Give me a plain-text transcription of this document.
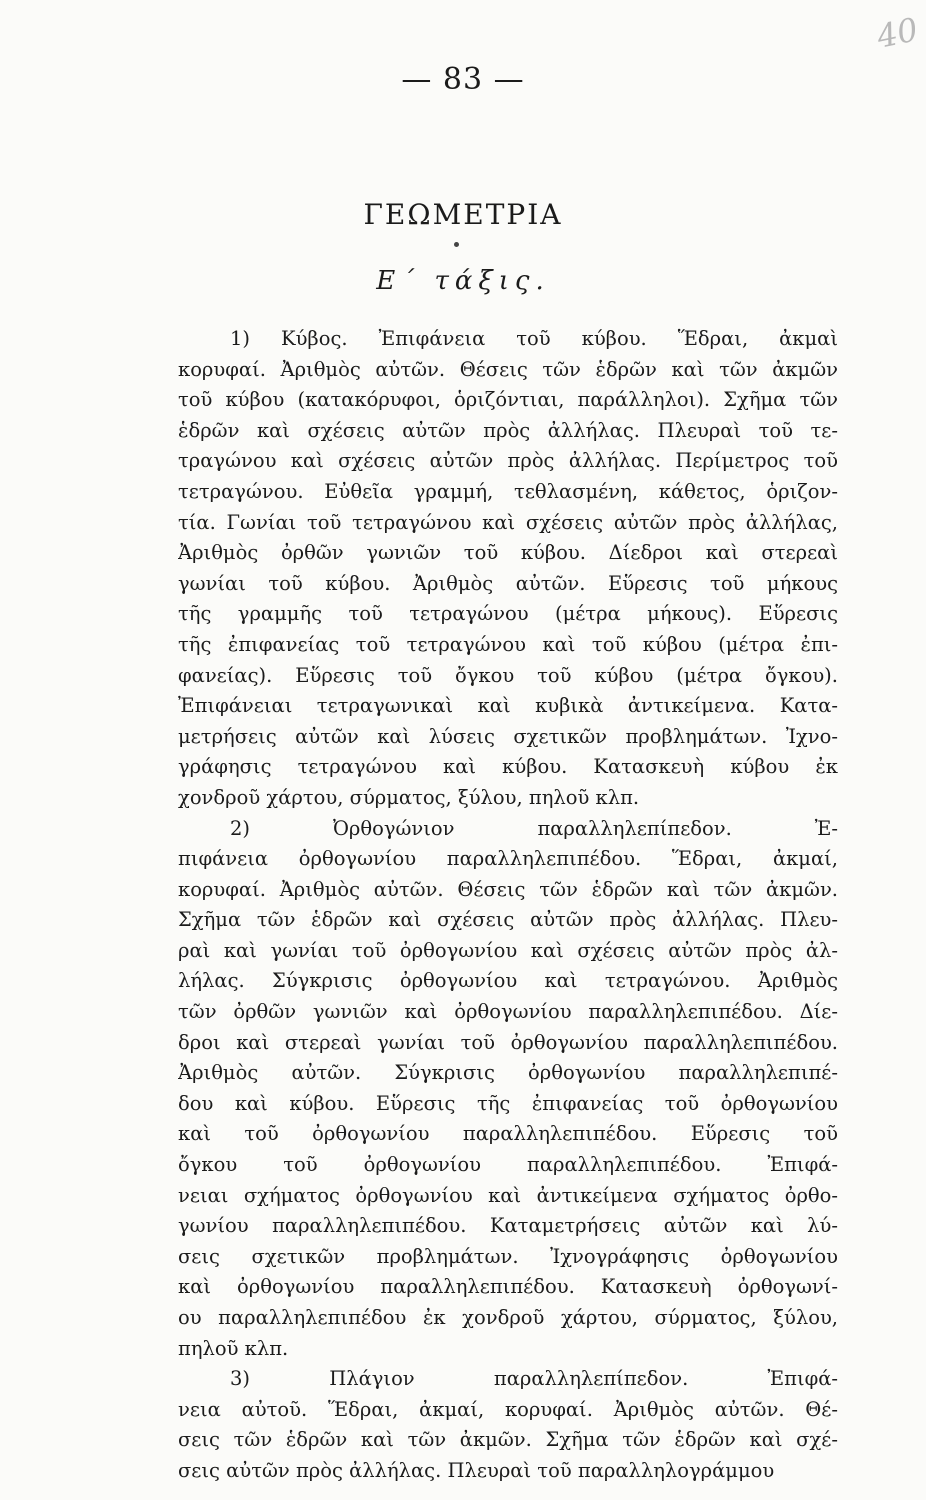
40
— 83 —
ΓΕΩΜΕΤΡΙΑ
Ε΄ τάξις.
1) Κύβος. Ἐπιφάνεια τοῦ κύβου. Ἕδραι, ἀκμαὶ
κορυφαί. Ἀριθμὸς αὐτῶν. Θέσεις τῶν ἑδρῶν καὶ τῶν ἀκμῶν
τοῦ κύβου (κατακόρυφοι, ὁριζόντιαι, παράλληλοι). Σχῆμα τῶν
ἑδρῶν καὶ σχέσεις αὐτῶν πρὸς ἀλλήλας. Πλευραὶ τοῦ τε-
τραγώνου καὶ σχέσεις αὐτῶν πρὸς ἀλλήλας. Περίμετρος τοῦ
τετραγώνου. Εὐθεῖα γραμμή, τεθλασμένη, κάθετος, ὁριζον-
τία. Γωνίαι τοῦ τετραγώνου καὶ σχέσεις αὐτῶν πρὸς ἀλλήλας,
Ἀριθμὸς ὀρθῶν γωνιῶν τοῦ κύβου. Δίεδροι καὶ στερεαὶ
γωνίαι τοῦ κύβου. Ἀριθμὸς αὐτῶν. Εὕρεσις τοῦ μήκους
τῆς γραμμῆς τοῦ τετραγώνου (μέτρα μήκους). Εὕρεσις
τῆς ἐπιφανείας τοῦ τετραγώνου καὶ τοῦ κύβου (μέτρα ἐπι-
φανείας). Εὕρεσις τοῦ ὄγκου τοῦ κύβου (μέτρα ὄγκου).
Ἐπιφάνειαι τετραγωνικαὶ καὶ κυβικὰ ἀντικείμενα. Κατα-
μετρήσεις αὐτῶν καὶ λύσεις σχετικῶν προβλημάτων. Ἰχνο-
γράφησις τετραγώνου καὶ κύβου. Κατασκευὴ κύβου ἐκ
χονδροῦ χάρτου, σύρματος, ξύλου, πηλοῦ κλπ.
2) Ὀρθογώνιον παραλληλεπίπεδον. Ἐ-
πιφάνεια ὀρθογωνίου παραλληλεπιπέδου. Ἕδραι, ἀκμαί,
κορυφαί. Ἀριθμὸς αὐτῶν. Θέσεις τῶν ἑδρῶν καὶ τῶν ἀκμῶν.
Σχῆμα τῶν ἑδρῶν καὶ σχέσεις αὐτῶν πρὸς ἀλλήλας. Πλευ-
ραὶ καὶ γωνίαι τοῦ ὀρθογωνίου καὶ σχέσεις αὐτῶν πρὸς ἀλ-
λήλας. Σύγκρισις ὀρθογωνίου καὶ τετραγώνου. Ἀριθμὸς
τῶν ὀρθῶν γωνιῶν καὶ ὀρθογωνίου παραλληλεπιπέδου. Δίε-
δροι καὶ στερεαὶ γωνίαι τοῦ ὀρθογωνίου παραλληλεπιπέδου.
Ἀριθμὸς αὐτῶν. Σύγκρισις ὀρθογωνίου παραλληλεπιπέ-
δου καὶ κύβου. Εὕρεσις τῆς ἐπιφανείας τοῦ ὀρθογωνίου
καὶ τοῦ ὀρθογωνίου παραλληλεπιπέδου. Εὕρεσις τοῦ
ὄγκου τοῦ ὀρθογωνίου παραλληλεπιπέδου. Ἐπιφά-
νειαι σχήματος ὀρθογωνίου καὶ ἀντικείμενα σχήματος ὀρθο-
γωνίου παραλληλεπιπέδου. Καταμετρήσεις αὐτῶν καὶ λύ-
σεις σχετικῶν προβλημάτων. Ἰχνογράφησις ὀρθογωνίου
καὶ ὀρθογωνίου παραλληλεπιπέδου. Κατασκευὴ ὀρθογωνί-
ου παραλληλεπιπέδου ἐκ χονδροῦ χάρτου, σύρματος, ξύλου,
πηλοῦ κλπ.
3) Πλάγιον παραλληλεπίπεδον. Ἐπιφά-
νεια αὐτοῦ. Ἕδραι, ἀκμαί, κορυφαί. Ἀριθμὸς αὐτῶν. Θέ-
σεις τῶν ἑδρῶν καὶ τῶν ἀκμῶν. Σχῆμα τῶν ἑδρῶν καὶ σχέ-
σεις αὐτῶν πρὸς ἀλλήλας. Πλευραὶ τοῦ παραλληλογράμμου
